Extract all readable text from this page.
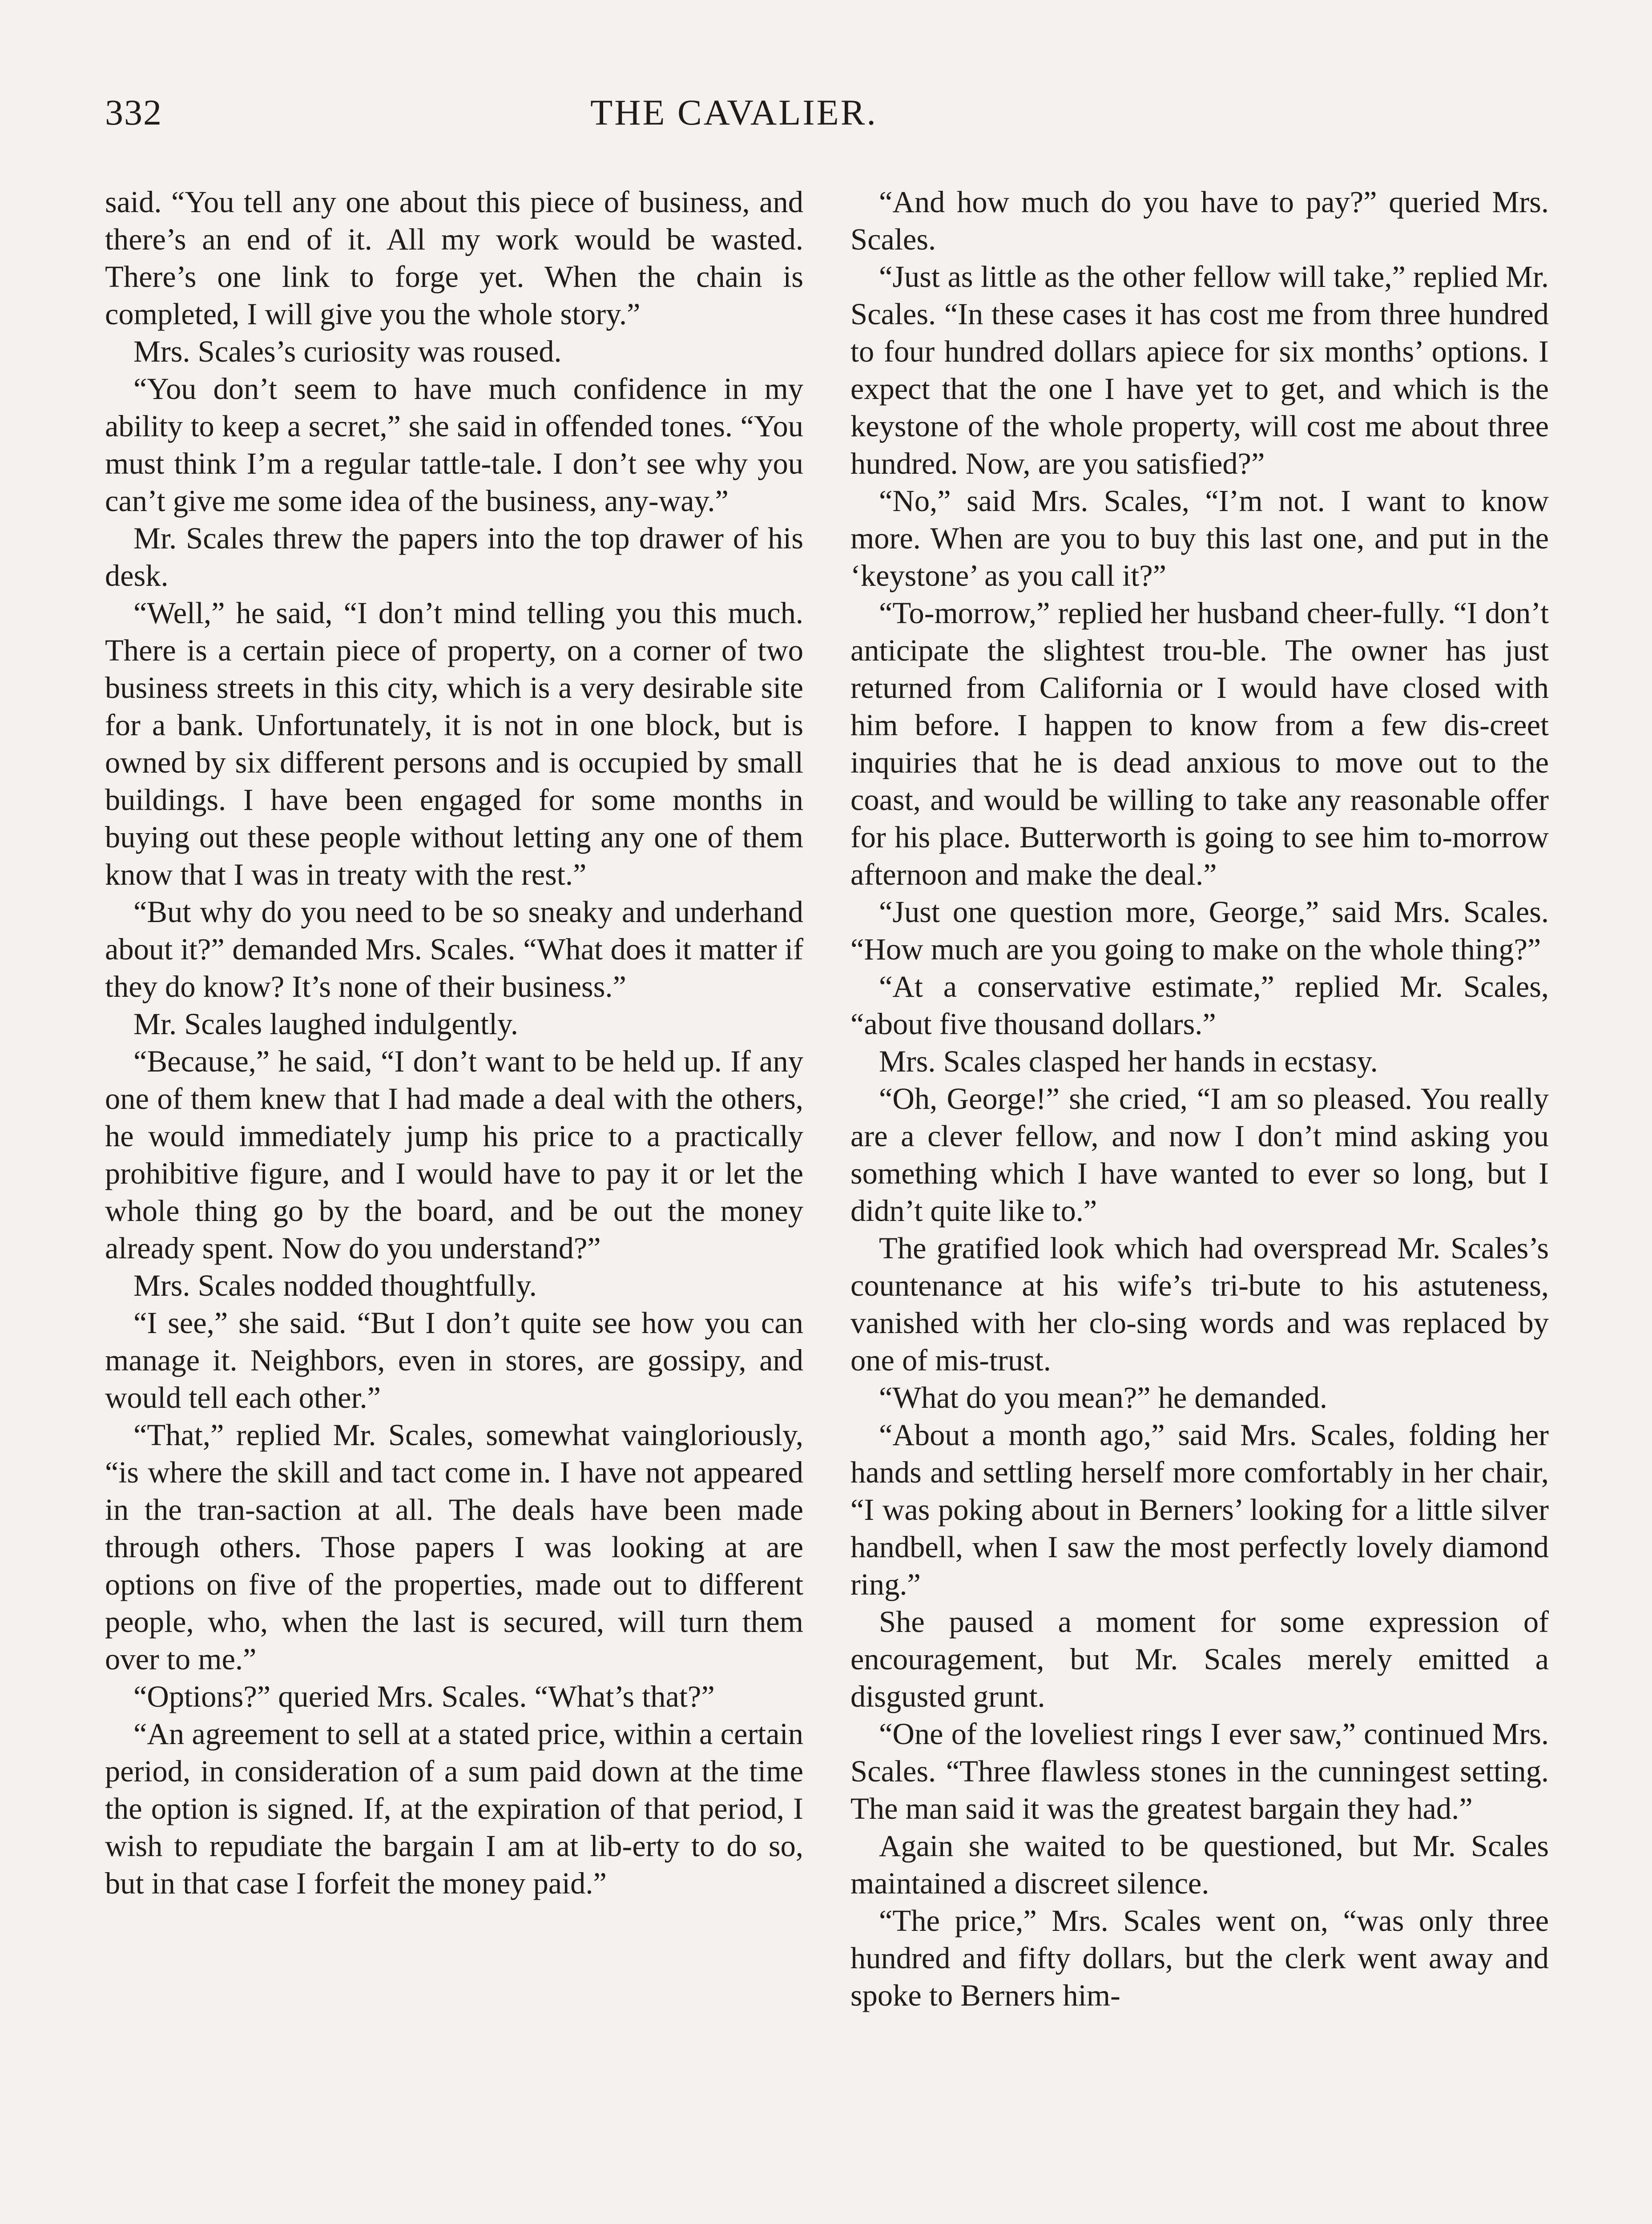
332	THE CAVALIER.

said. “You tell any one about this piece of business, and there’s an end of it. All my work would be wasted. There’s one link to forge yet. When the chain is completed, I will give you the whole story.”

Mrs. Scales’s curiosity was roused.

“You don’t seem to have much confidence in my ability to keep a secret,” she said in offended tones. “You must think I’m a regular tattle-tale. I don’t see why you can’t give me some idea of the business, any-way.”

Mr. Scales threw the papers into the top drawer of his desk.

“Well,” he said, “I don’t mind telling you this much. There is a certain piece of property, on a corner of two business streets in this city, which is a very desirable site for a bank. Unfortunately, it is not in one block, but is owned by six different persons and is occupied by small buildings. I have been engaged for some months in buying out these people without letting any one of them know that I was in treaty with the rest.”

“But why do you need to be so sneaky and underhand about it?” demanded Mrs. Scales. “What does it matter if they do know? It’s none of their business.”

Mr. Scales laughed indulgently.

“Because,” he said, “I don’t want to be held up. If any one of them knew that I had made a deal with the others, he would immediately jump his price to a practically prohibitive figure, and I would have to pay it or let the whole thing go by the board, and be out the money already spent. Now do you understand?”

Mrs. Scales nodded thoughtfully.

“I see,” she said. “But I don’t quite see how you can manage it. Neighbors, even in stores, are gossipy, and would tell each other.”

“That,” replied Mr. Scales, somewhat vaingloriously, “is where the skill and tact come in. I have not appeared in the tran-saction at all. The deals have been made through others. Those papers I was looking at are options on five of the properties, made out to different people, who, when the last is secured, will turn them over to me.”

“Options?” queried Mrs. Scales. “What’s that?”

“An agreement to sell at a stated price, within a certain period, in consideration of a sum paid down at the time the option is signed. If, at the expiration of that period, I wish to repudiate the bargain I am at lib-erty to do so, but in that case I forfeit the money paid.”

“And how much do you have to pay?” queried Mrs. Scales.

“Just as little as the other fellow will take,” replied Mr. Scales. “In these cases it has cost me from three hundred to four hundred dollars apiece for six months’ options. I expect that the one I have yet to get, and which is the keystone of the whole property, will cost me about three hundred. Now, are you satisfied?”

“No,” said Mrs. Scales, “I’m not. I want to know more. When are you to buy this last one, and put in the ‘keystone’ as you call it?”

“To-morrow,” replied her husband cheer-fully. “I don’t anticipate the slightest trou-ble. The owner has just returned from California or I would have closed with him before. I happen to know from a few dis-creet inquiries that he is dead anxious to move out to the coast, and would be willing to take any reasonable offer for his place. Butterworth is going to see him to-morrow afternoon and make the deal.”

“Just one question more, George,” said Mrs. Scales. “How much are you going to make on the whole thing?”

“At a conservative estimate,” replied Mr. Scales, “about five thousand dollars.”

Mrs. Scales clasped her hands in ecstasy.

“Oh, George!” she cried, “I am so pleased. You really are a clever fellow, and now I don’t mind asking you something which I have wanted to ever so long, but I didn’t quite like to.”

The gratified look which had overspread Mr. Scales’s countenance at his wife’s tri-bute to his astuteness, vanished with her clo-sing words and was replaced by one of mis-trust.

“What do you mean?” he demanded.

“About a month ago,” said Mrs. Scales, folding her hands and settling herself more comfortably in her chair, “I was poking about in Berners’ looking for a little silver handbell, when I saw the most perfectly lovely diamond ring.”

She paused a moment for some expression of encouragement, but Mr. Scales merely emitted a disgusted grunt.

“One of the loveliest rings I ever saw,” continued Mrs. Scales. “Three flawless stones in the cunningest setting. The man said it was the greatest bargain they had.”

Again she waited to be questioned, but Mr. Scales maintained a discreet silence.

“The price,” Mrs. Scales went on, “was only three hundred and fifty dollars, but the clerk went away and spoke to Berners him-
